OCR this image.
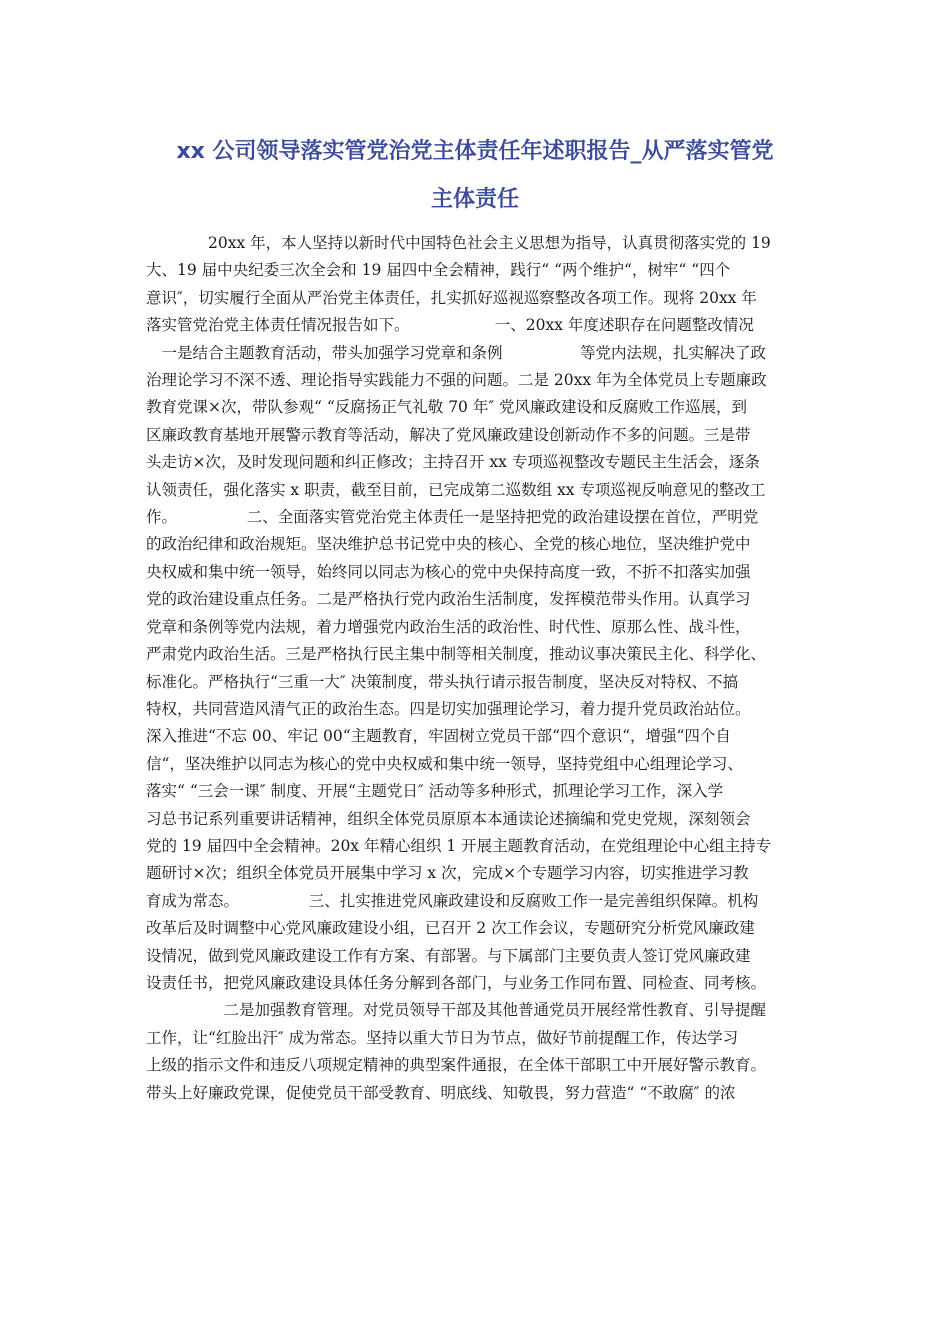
xx 公司领导落实管党治党主体责任年述职报告_从严落实管党
主体责任
　　　　20xx 年，本人坚持以新时代中国特色社会主义思想为指导，认真贯彻落实党的 19
大、19 届中央纪委三次全会和 19 届四中全会精神，践行“ “两个维护“，树牢“ “四个
意识″，切实履行全面从严治党主体责任，扎实抓好巡视巡察整改各项工作。现将 20xx 年
落实管党治党主体责任情况报告如下。　　　　　　一、20xx 年度述职存在问题整改情况
　一是结合主题教育活动，带头加强学习党章和条例　　　　　等党内法规，扎实解决了政
治理论学习不深不透、理论指导实践能力不强的问题。二是 20xx 年为全体党员上专题廉政
教育党课×次，带队参观“ “反腐扬正气礼敬 70 年″ 党风廉政建设和反腐败工作巡展，到
区廉政教育基地开展警示教育等活动，解决了党风廉政建设创新动作不多的问题。三是带
头走访×次，及时发现问题和纠正修改；主持召开 xx 专项巡视整改专题民主生活会，逐条
认领责任，强化落实 x 职责，截至目前，已完成第二巡数组 xx 专项巡视反响意见的整改工
作。　　　　　二、全面落实管党治党主体责任一是坚持把党的政治建设摆在首位，严明党
的政治纪律和政治规矩。坚决维护总书记党中央的核心、全党的核心地位，坚决维护党中
央权威和集中统一领导，始终同以同志为核心的党中央保持高度一致，不折不扣落实加强
党的政治建设重点任务。二是严格执行党内政治生活制度，发挥模范带头作用。认真学习
党章和条例等党内法规，着力增强党内政治生活的政治性、时代性、原那么性、战斗性，
严肃党内政治生活。三是严格执行民主集中制等相关制度，推动议事决策民主化、科学化、
标准化。严格执行“三重一大″ 决策制度，带头执行请示报告制度，坚决反对特权、不搞
特权，共同营造风清气正的政治生态。四是切实加强理论学习，着力提升党员政治站位。
深入推进“不忘 00、牢记 00“主题教育，牢固树立党员干部“四个意识“，增强“四个自
信“，坚决维护以同志为核心的党中央权威和集中统一领导，坚持党组中心组理论学习、
落实“ “三会一课″ 制度、开展“主题党日″ 活动等多种形式，抓理论学习工作，深入学
习总书记系列重要讲话精神，组织全体党员原原本本通读论述摘编和党史党规，深刻领会
党的 19 届四中全会精神。20x 年精心组织 1 开展主题教育活动，在党组理论中心组主持专
题研讨×次；组织全体党员开展集中学习 x 次，完成×个专题学习内容，切实推进学习教
育成为常态。　　　　　三、扎实推进党风廉政建设和反腐败工作一是完善组织保障。机构
改革后及时调整中心党风廉政建设小组，已召开 2 次工作会议，专题研究分析党风廉政建
设情况，做到党风廉政建设工作有方案、有部署。与下属部门主要负责人签订党风廉政建
设责任书，把党风廉政建设具体任务分解到各部门，与业务工作同布置、同检查、同考核。
　　　　　二是加强教育管理。对党员领导干部及其他普通党员开展经常性教育、引导提醒
工作，让“红脸出汗″ 成为常态。坚持以重大节日为节点，做好节前提醒工作，传达学习
上级的指示文件和违反八项规定精神的典型案件通报，在全体干部职工中开展好警示教育。
带头上好廉政党课，促使党员干部受教育、明底线、知敬畏，努力营造“ “不敢腐″ 的浓
